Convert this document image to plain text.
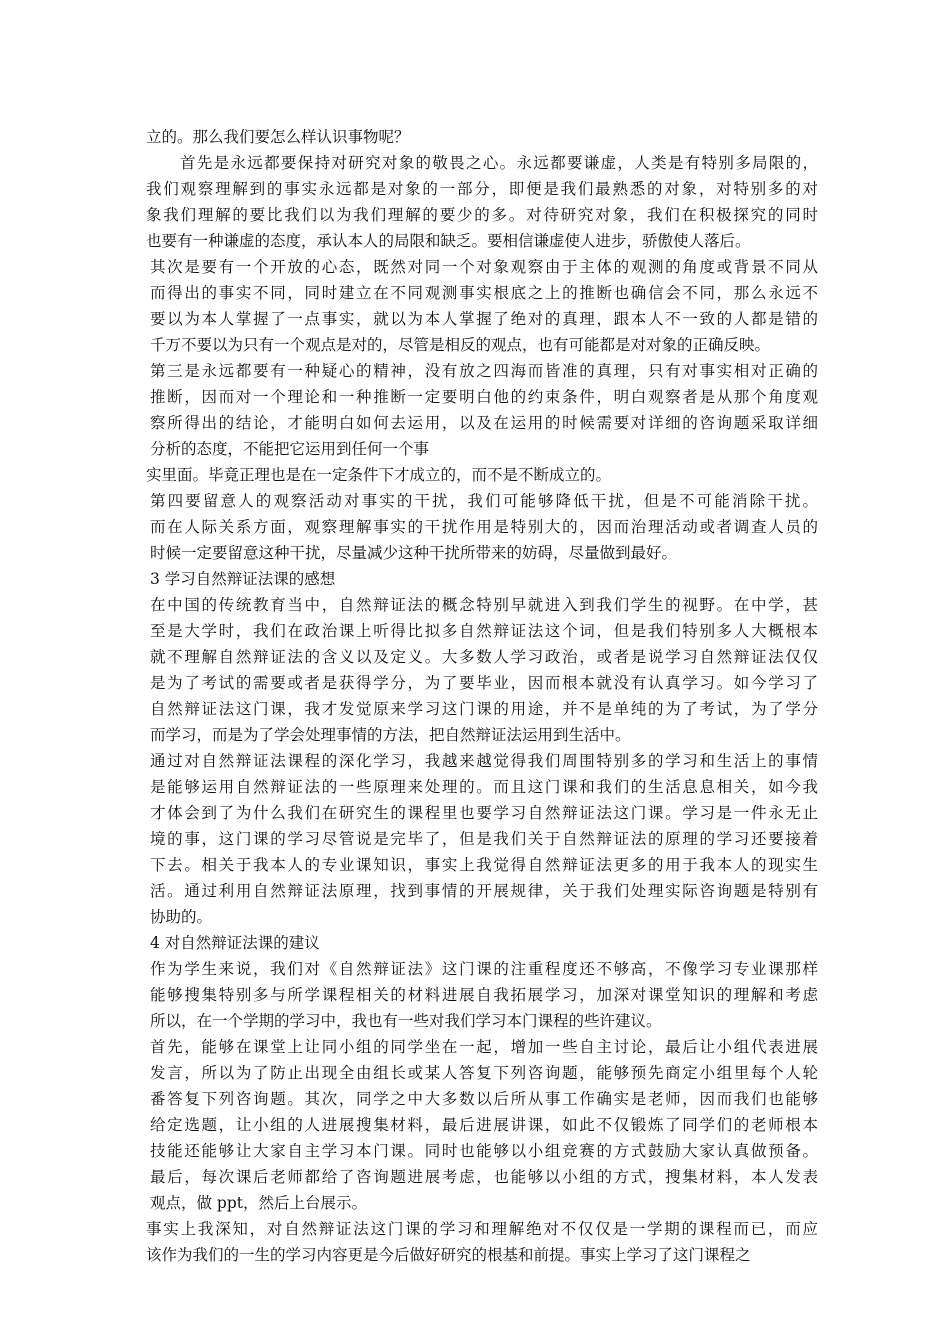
立的。那么我们要怎么样认识事物呢？
首先是永远都要保持对研究对象的敬畏之心。永远都要谦虚，人类是有特别多局限的，
我们观察理解到的事实永远都是对象的一部分，即便是我们最熟悉的对象，对特别多的对
象我们理解的要比我们以为我们理解的要少的多。对待研究对象，我们在积极探究的同时
也要有一种谦虚的态度，承认本人的局限和缺乏。要相信谦虚使人进步，骄傲使人落后。
其次是要有一个开放的心态，既然对同一个对象观察由于主体的观测的角度或背景不同从
而得出的事实不同，同时建立在不同观测事实根底之上的推断也确信会不同，那么永远不
要以为本人掌握了一点事实，就以为本人掌握了绝对的真理，跟本人不一致的人都是错的
千万不要以为只有一个观点是对的，尽管是相反的观点，也有可能都是对对象的正确反映。
第三是永远都要有一种疑心的精神，没有放之四海而皆准的真理，只有对事实相对正确的
推断，因而对一个理论和一种推断一定要明白他的约束条件，明白观察者是从那个角度观
察所得出的结论，才能明白如何去运用，以及在运用的时候需要对详细的咨询题采取详细
分析的态度，不能把它运用到任何一个事
实里面。毕竟正理也是在一定条件下才成立的，而不是不断成立的。
第四要留意人的观察活动对事实的干扰，我们可能够降低干扰，但是不可能消除干扰。
而在人际关系方面，观察理解事实的干扰作用是特别大的，因而治理活动或者调查人员的
时候一定要留意这种干扰，尽量减少这种干扰所带来的妨碍，尽量做到最好。
3 学习自然辩证法课的感想
在中国的传统教育当中，自然辩证法的概念特别早就进入到我们学生的视野。在中学，甚
至是大学时，我们在政治课上听得比拟多自然辩证法这个词，但是我们特别多人大概根本
就不理解自然辩证法的含义以及定义。大多数人学习政治，或者是说学习自然辩证法仅仅
是为了考试的需要或者是获得学分，为了要毕业，因而根本就没有认真学习。如今学习了
自然辩证法这门课，我才发觉原来学习这门课的用途，并不是单纯的为了考试，为了学分
而学习，而是为了学会处理事情的方法，把自然辩证法运用到生活中。
通过对自然辩证法课程的深化学习，我越来越觉得我们周围特别多的学习和生活上的事情
是能够运用自然辩证法的一些原理来处理的。而且这门课和我们的生活息息相关，如今我
才体会到了为什么我们在研究生的课程里也要学习自然辩证法这门课。学习是一件永无止
境的事，这门课的学习尽管说是完毕了，但是我们关于自然辩证法的原理的学习还要接着
下去。相关于我本人的专业课知识，事实上我觉得自然辩证法更多的用于我本人的现实生
活。通过利用自然辩证法原理，找到事情的开展规律，关于我们处理实际咨询题是特别有
协助的。
4 对自然辩证法课的建议
作为学生来说，我们对《自然辩证法》这门课的注重程度还不够高，不像学习专业课那样
能够搜集特别多与所学课程相关的材料进展自我拓展学习，加深对课堂知识的理解和考虑
所以，在一个学期的学习中，我也有一些对我们学习本门课程的些许建议。
首先，能够在课堂上让同小组的同学坐在一起，增加一些自主讨论，最后让小组代表进展
发言，所以为了防止出现全由组长或某人答复下列咨询题，能够预先商定小组里每个人轮
番答复下列咨询题。其次，同学之中大多数以后所从事工作确实是老师，因而我们也能够
给定选题，让小组的人进展搜集材料，最后进展讲课，如此不仅锻炼了同学们的老师根本
技能还能够让大家自主学习本门课。同时也能够以小组竞赛的方式鼓励大家认真做预备。
最后，每次课后老师都给了咨询题进展考虑，也能够以小组的方式，搜集材料，本人发表
观点，做 ppt，然后上台展示。
事实上我深知，对自然辩证法这门课的学习和理解绝对不仅仅是一学期的课程而已，而应
该作为我们的一生的学习内容更是今后做好研究的根基和前提。事实上学习了这门课程之
